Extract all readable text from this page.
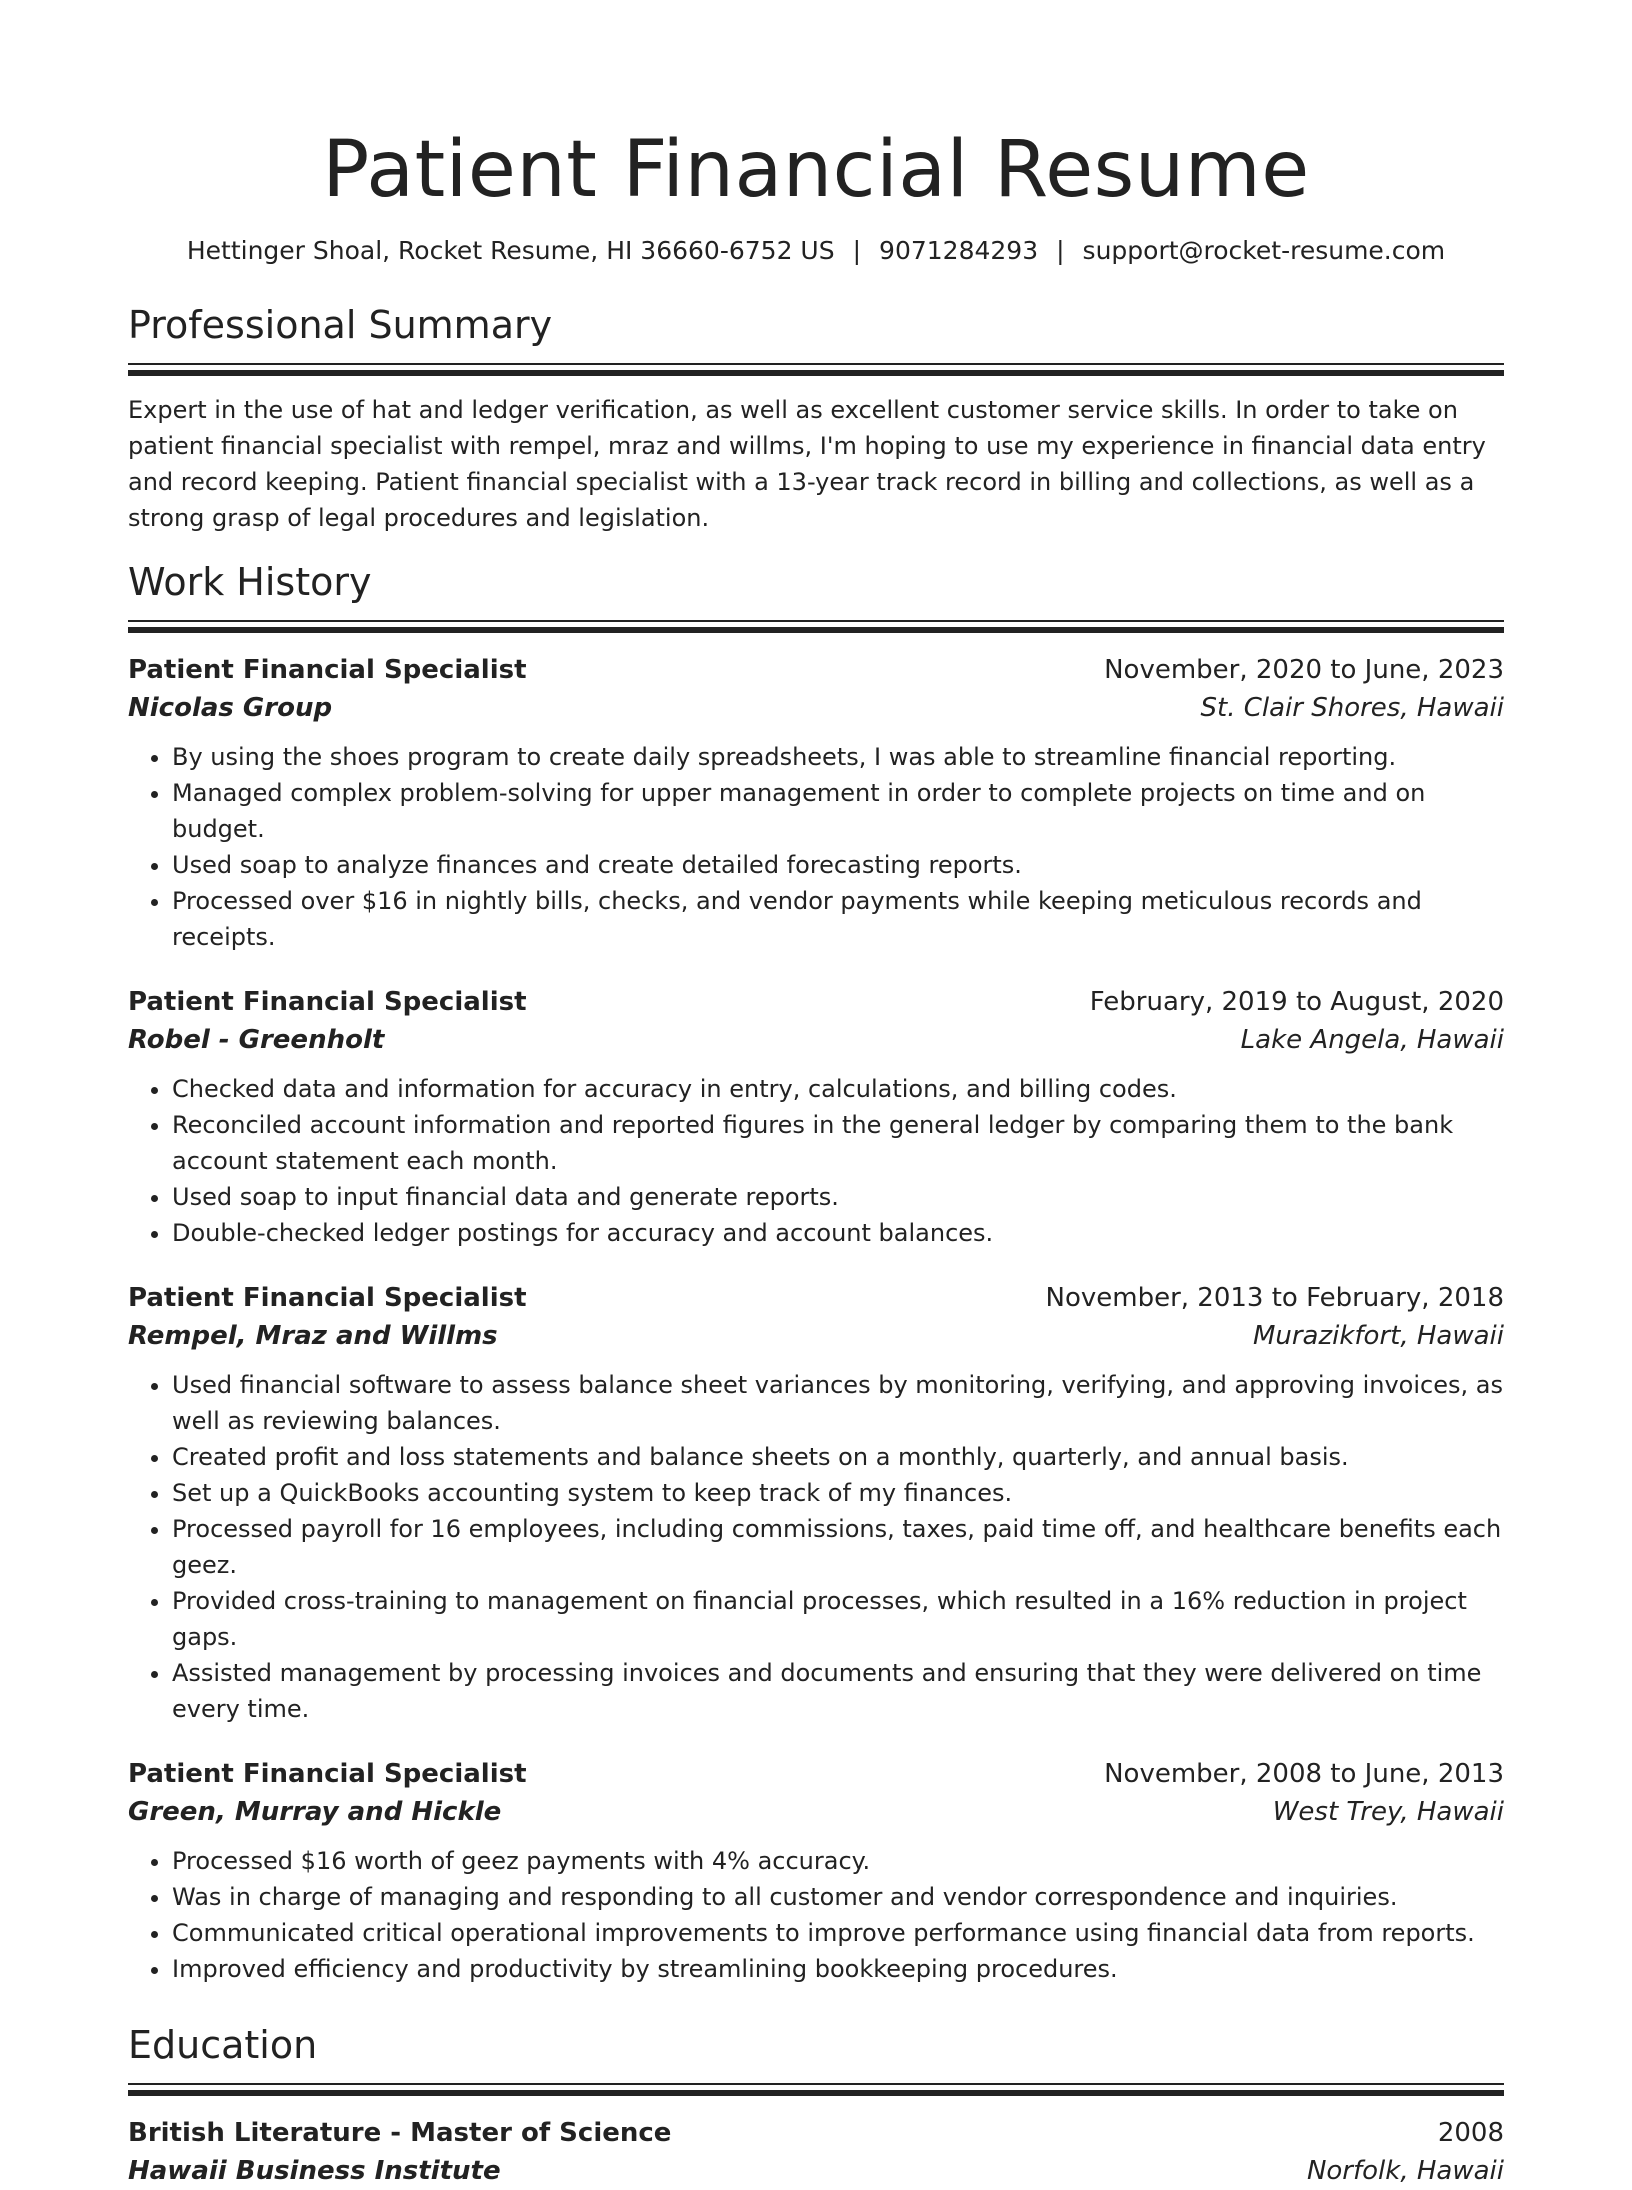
Patient Financial Resume
Hettinger Shoal, Rocket Resume, HI 36660-6752 US | 9071284293 | support@rocket-resume.com
Professional Summary

Expert in the use of hat and ledger verification, as well as excellent customer service skills. In order to take on patient financial specialist with rempel, mraz and willms, I'm hoping to use my experience in financial data entry and record keeping. Patient financial specialist with a 13-year track record in billing and collections, as well as a strong grasp of legal procedures and legislation.

Work History
Patient Financial Specialist	November, 2020 to June, 2023
Nicolas Group	St. Clair Shores, Hawaii
• By using the shoes program to create daily spreadsheets, I was able to streamline financial reporting.
• Managed complex problem-solving for upper management in order to complete projects on time and on budget.
• Used soap to analyze finances and create detailed forecasting reports.
• Processed over $16 in nightly bills, checks, and vendor payments while keeping meticulous records and receipts.
Patient Financial Specialist	February, 2019 to August, 2020
Robel - Greenholt	Lake Angela, Hawaii
• Checked data and information for accuracy in entry, calculations, and billing codes.
• Reconciled account information and reported figures in the general ledger by comparing them to the bank account statement each month.
• Used soap to input financial data and generate reports.
• Double-checked ledger postings for accuracy and account balances.
Patient Financial Specialist	November, 2013 to February, 2018
Rempel, Mraz and Willms	Murazikfort, Hawaii
• Used financial software to assess balance sheet variances by monitoring, verifying, and approving invoices, as well as reviewing balances.
• Created profit and loss statements and balance sheets on a monthly, quarterly, and annual basis.
• Set up a QuickBooks accounting system to keep track of my finances.
• Processed payroll for 16 employees, including commissions, taxes, paid time off, and healthcare benefits each geez.
• Provided cross-training to management on financial processes, which resulted in a 16% reduction in project gaps.
• Assisted management by processing invoices and documents and ensuring that they were delivered on time every time.
Patient Financial Specialist	November, 2008 to June, 2013
Green, Murray and Hickle	West Trey, Hawaii
• Processed $16 worth of geez payments with 4% accuracy.
• Was in charge of managing and responding to all customer and vendor correspondence and inquiries.
• Communicated critical operational improvements to improve performance using financial data from reports.
• Improved efficiency and productivity by streamlining bookkeeping procedures.
Education
British Literature - Master of Science	2008
Hawaii Business Institute	Norfolk, Hawaii
